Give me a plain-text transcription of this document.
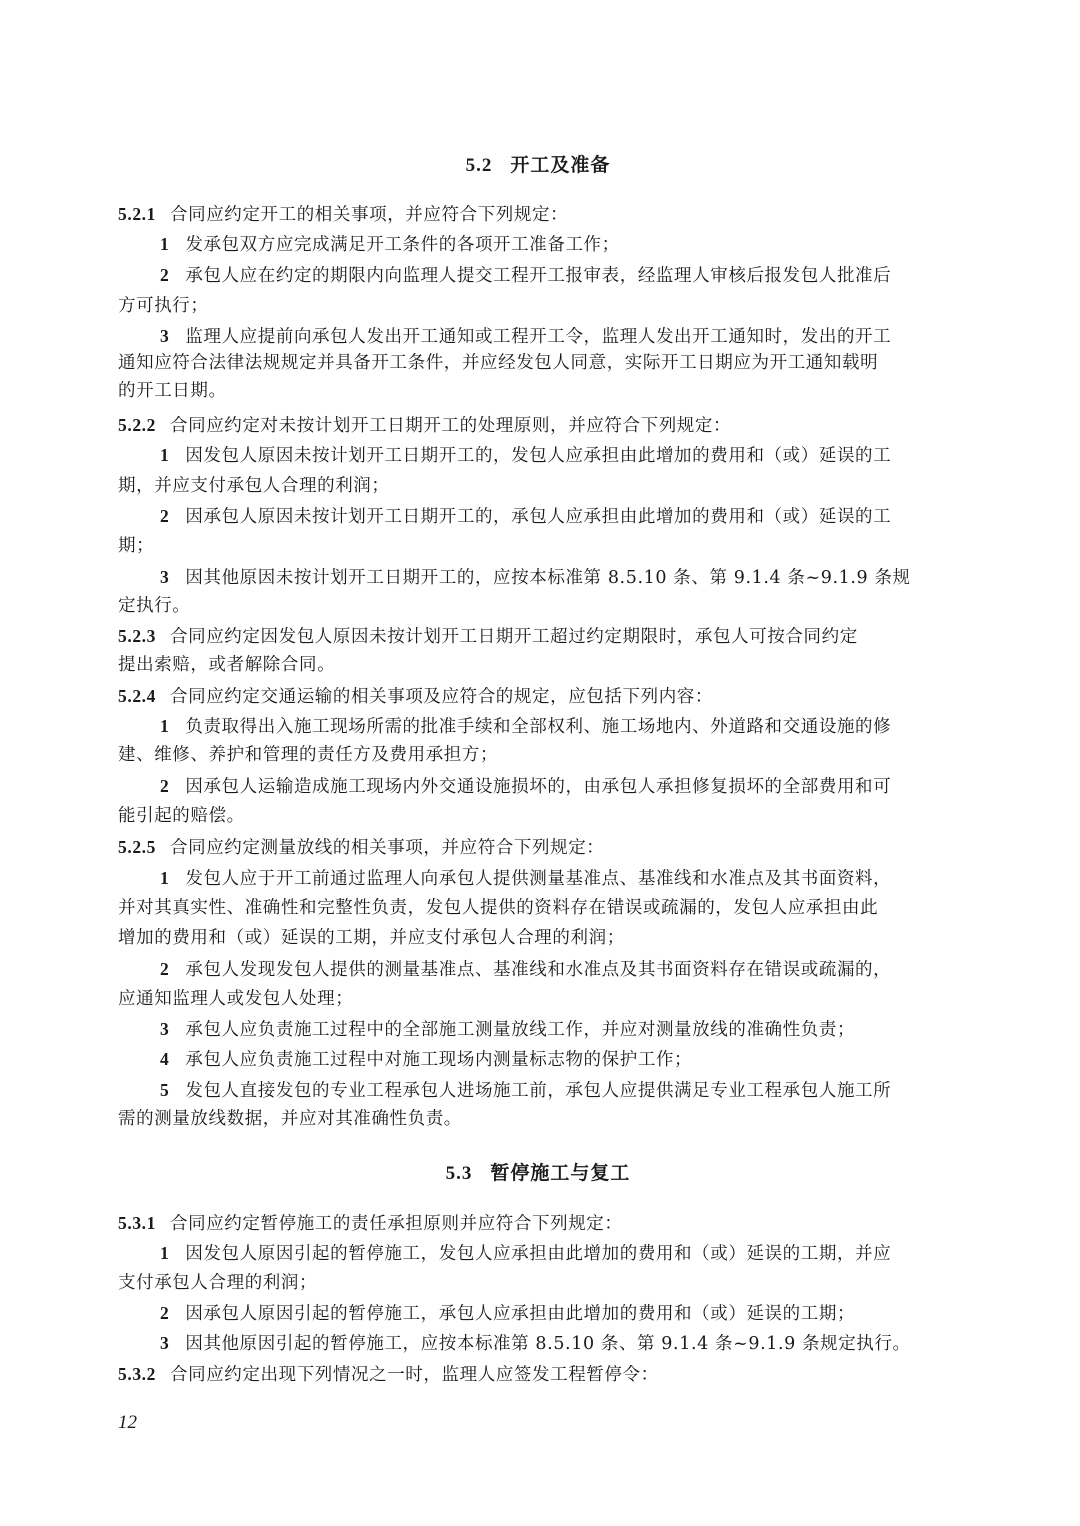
5.2 开工及准备
5.2.1 合同应约定开工的相关事项，并应符合下列规定：
1 发承包双方应完成满足开工条件的各项开工准备工作；
2 承包人应在约定的期限内向监理人提交工程开工报审表，经监理人审核后报发包人批准后
方可执行；
3 监理人应提前向承包人发出开工通知或工程开工令，监理人发出开工通知时，发出的开工
通知应符合法律法规规定并具备开工条件，并应经发包人同意，实际开工日期应为开工通知载明
的开工日期。
5.2.2 合同应约定对未按计划开工日期开工的处理原则，并应符合下列规定：
1 因发包人原因未按计划开工日期开工的，发包人应承担由此增加的费用和（或）延误的工
期，并应支付承包人合理的利润；
2 因承包人原因未按计划开工日期开工的，承包人应承担由此增加的费用和（或）延误的工
期；
3 因其他原因未按计划开工日期开工的，应按本标准第 8.5.10 条、第 9.1.4 条~9.1.9 条规
定执行。
5.2.3 合同应约定因发包人原因未按计划开工日期开工超过约定期限时，承包人可按合同约定
提出索赔，或者解除合同。
5.2.4 合同应约定交通运输的相关事项及应符合的规定，应包括下列内容：
1 负责取得出入施工现场所需的批准手续和全部权利、施工场地内、外道路和交通设施的修
建、维修、养护和管理的责任方及费用承担方；
2 因承包人运输造成施工现场内外交通设施损坏的，由承包人承担修复损坏的全部费用和可
能引起的赔偿。
5.2.5 合同应约定测量放线的相关事项，并应符合下列规定：
1 发包人应于开工前通过监理人向承包人提供测量基准点、基准线和水准点及其书面资料，
并对其真实性、准确性和完整性负责，发包人提供的资料存在错误或疏漏的，发包人应承担由此
增加的费用和（或）延误的工期，并应支付承包人合理的利润；
2 承包人发现发包人提供的测量基准点、基准线和水准点及其书面资料存在错误或疏漏的，
应通知监理人或发包人处理；
3 承包人应负责施工过程中的全部施工测量放线工作，并应对测量放线的准确性负责；
4 承包人应负责施工过程中对施工现场内测量标志物的保护工作；
5 发包人直接发包的专业工程承包人进场施工前，承包人应提供满足专业工程承包人施工所
需的测量放线数据，并应对其准确性负责。
5.3 暂停施工与复工
5.3.1 合同应约定暂停施工的责任承担原则并应符合下列规定：
1 因发包人原因引起的暂停施工，发包人应承担由此增加的费用和（或）延误的工期，并应
支付承包人合理的利润；
2 因承包人原因引起的暂停施工，承包人应承担由此增加的费用和（或）延误的工期；
3 因其他原因引起的暂停施工，应按本标准第 8.5.10 条、第 9.1.4 条~9.1.9 条规定执行。
5.3.2 合同应约定出现下列情况之一时，监理人应签发工程暂停令：
12
